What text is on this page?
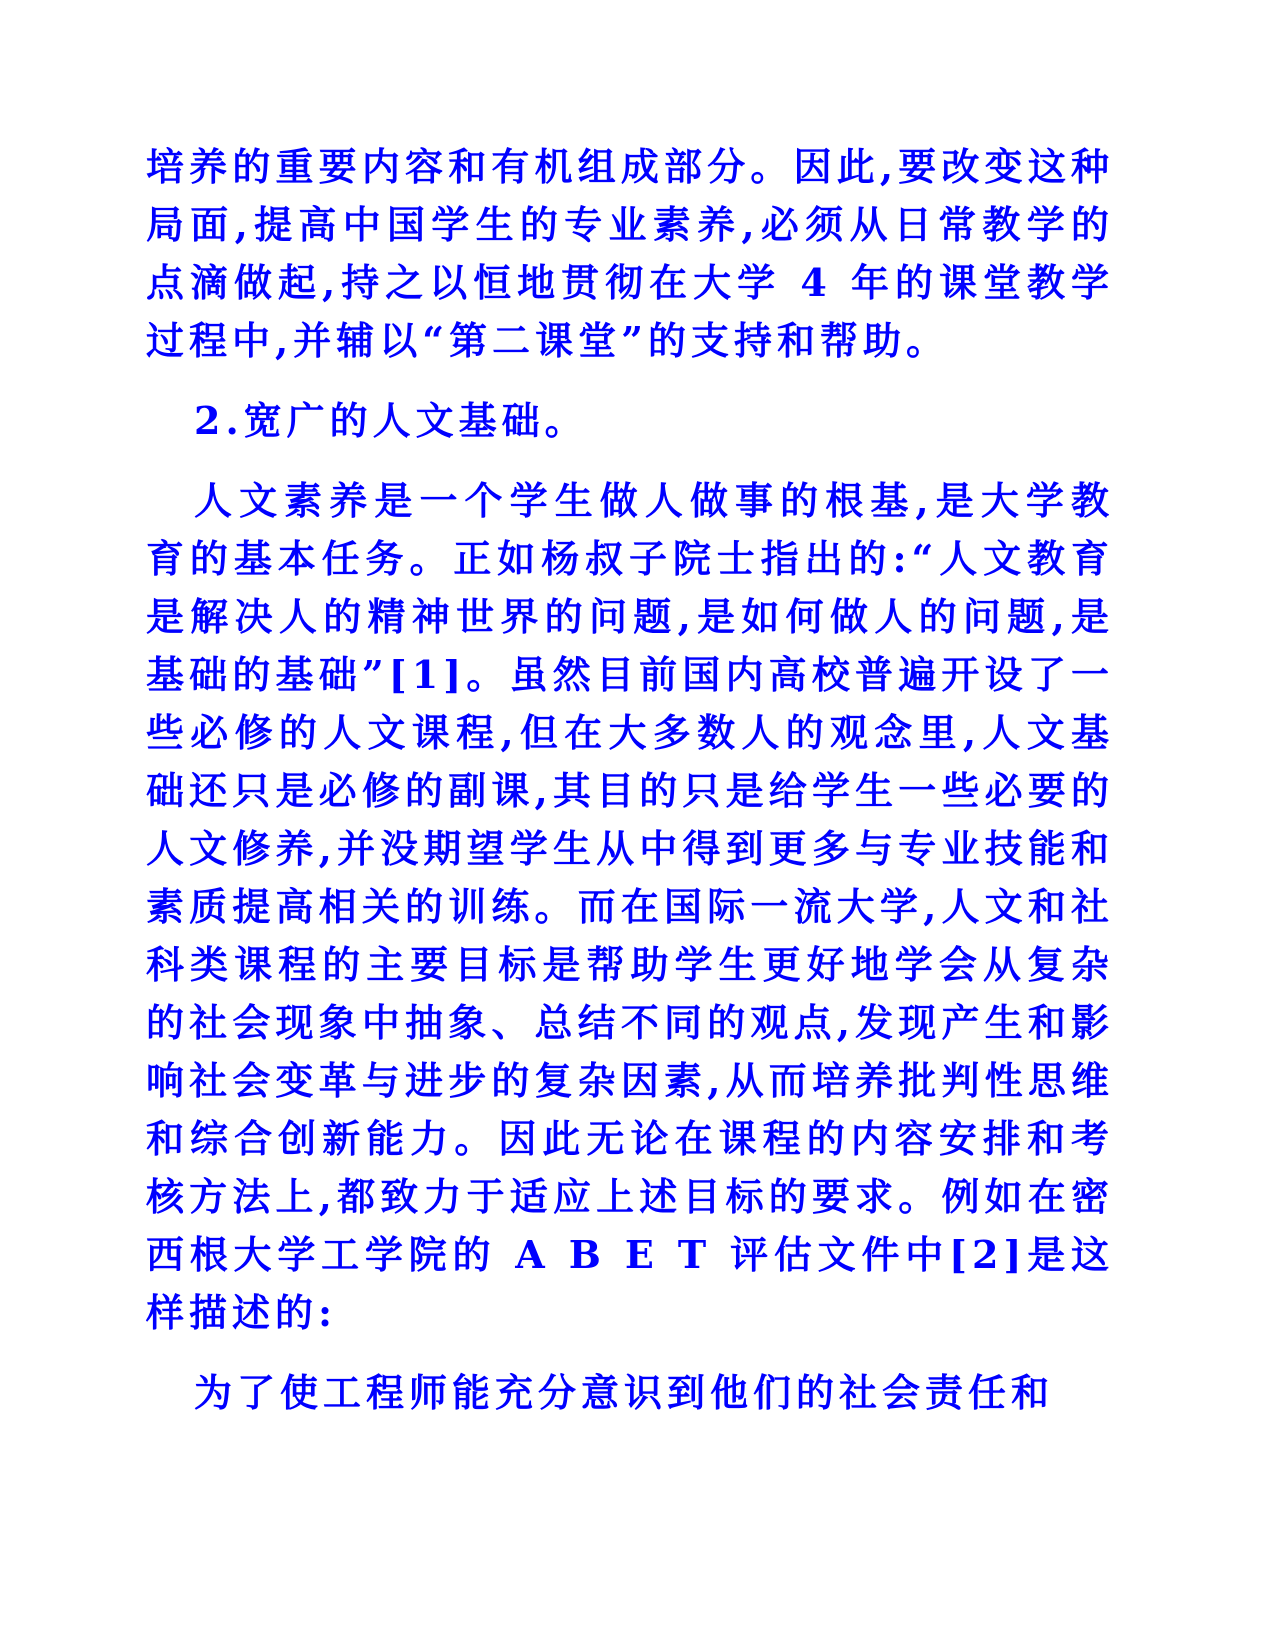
培养的重要内容和有机组成部分。因此,要改变这种局面,提高中国学生的专业素养,必须从日常教学的点滴做起,持之以恒地贯彻在大学 4 年的课堂教学过程中,并辅以“第二课堂”的支持和帮助。

2.宽广的人文基础。

人文素养是一个学生做人做事的根基,是大学教育的基本任务。正如杨叔子院士指出的:“人文教育是解决人的精神世界的问题,是如何做人的问题,是基础的基础”[1]。虽然目前国内高校普遍开设了一些必修的人文课程,但在大多数人的观念里,人文基础还只是必修的副课,其目的只是给学生一些必要的人文修养,并没期望学生从中得到更多与专业技能和素质提高相关的训练。而在国际一流大学,人文和社科类课程的主要目标是帮助学生更好地学会从复杂的社会现象中抽象、总结不同的观点,发现产生和影响社会变革与进步的复杂因素,从而培养批判性思维和综合创新能力。因此无论在课程的内容安排和考核方法上,都致力于适应上述目标的要求。例如在密西根大学工学院的 A B E T 评估文件中[2]是这样描述的:

为了使工程师能充分意识到他们的社会责任和
